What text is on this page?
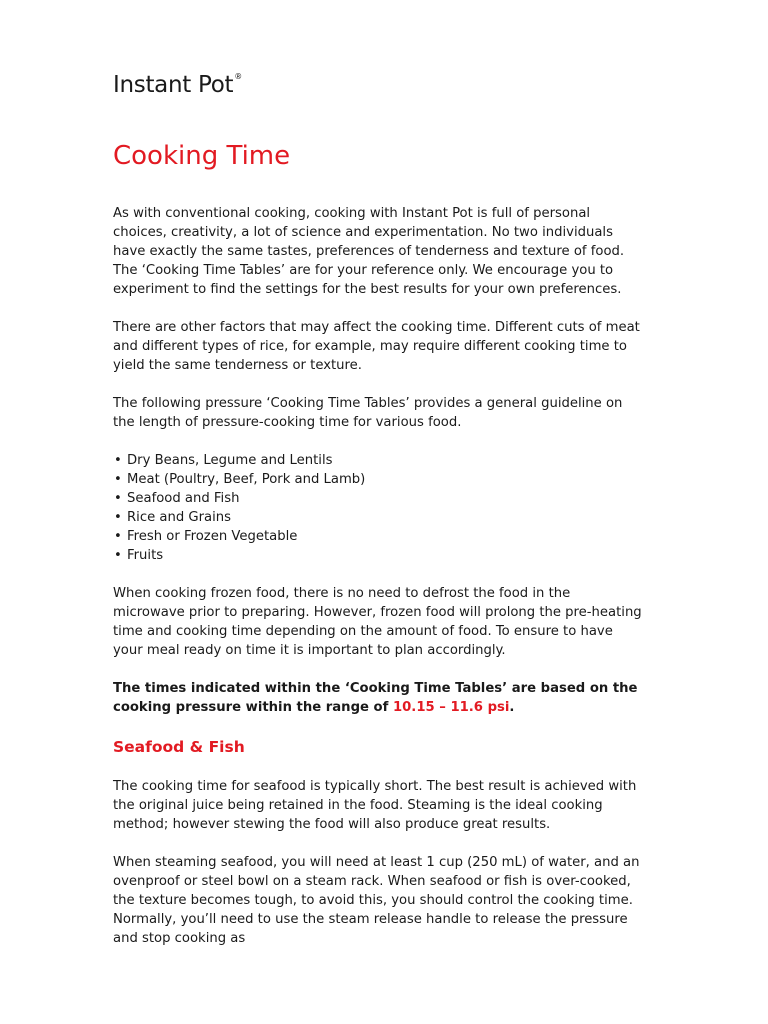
Instant Pot®
Cooking Time

As with conventional cooking, cooking with Instant Pot is full of personal choices, creativity, a lot of science and experimentation. No two individuals have exactly the same tastes, preferences of tenderness and texture of food. The ‘Cooking Time Tables’ are for your reference only. We encourage you to experiment to find the settings for the best results for your own preferences.

There are other factors that may affect the cooking time. Different cuts of meat and different types of rice, for example, may require different cooking time to yield the same tenderness or texture.

The following pressure ‘Cooking Time Tables’ provides a general guideline on the length of pressure-cooking time for various food.

• Dry Beans, Legume and Lentils
• Meat (Poultry, Beef, Pork and Lamb)
• Seafood and Fish
• Rice and Grains
• Fresh or Frozen Vegetable
• Fruits

When cooking frozen food, there is no need to defrost the food in the microwave prior to preparing. However, frozen food will prolong the pre-heating time and cooking time depending on the amount of food. To ensure to have your meal ready on time it is important to plan accordingly.

The times indicated within the ‘Cooking Time Tables’ are based on the cooking pressure within the range of 10.15 – 11.6 psi.

Seafood & Fish

The cooking time for seafood is typically short. The best result is achieved with the original juice being retained in the food. Steaming is the ideal cooking method; however stewing the food will also produce great results.

When steaming seafood, you will need at least 1 cup (250 mL) of water, and an ovenproof or steel bowl on a steam rack. When seafood or fish is over-cooked, the texture becomes tough, to avoid this, you should control the cooking time. Normally, you’ll need to use the steam release handle to release the pressure and stop cooking as
